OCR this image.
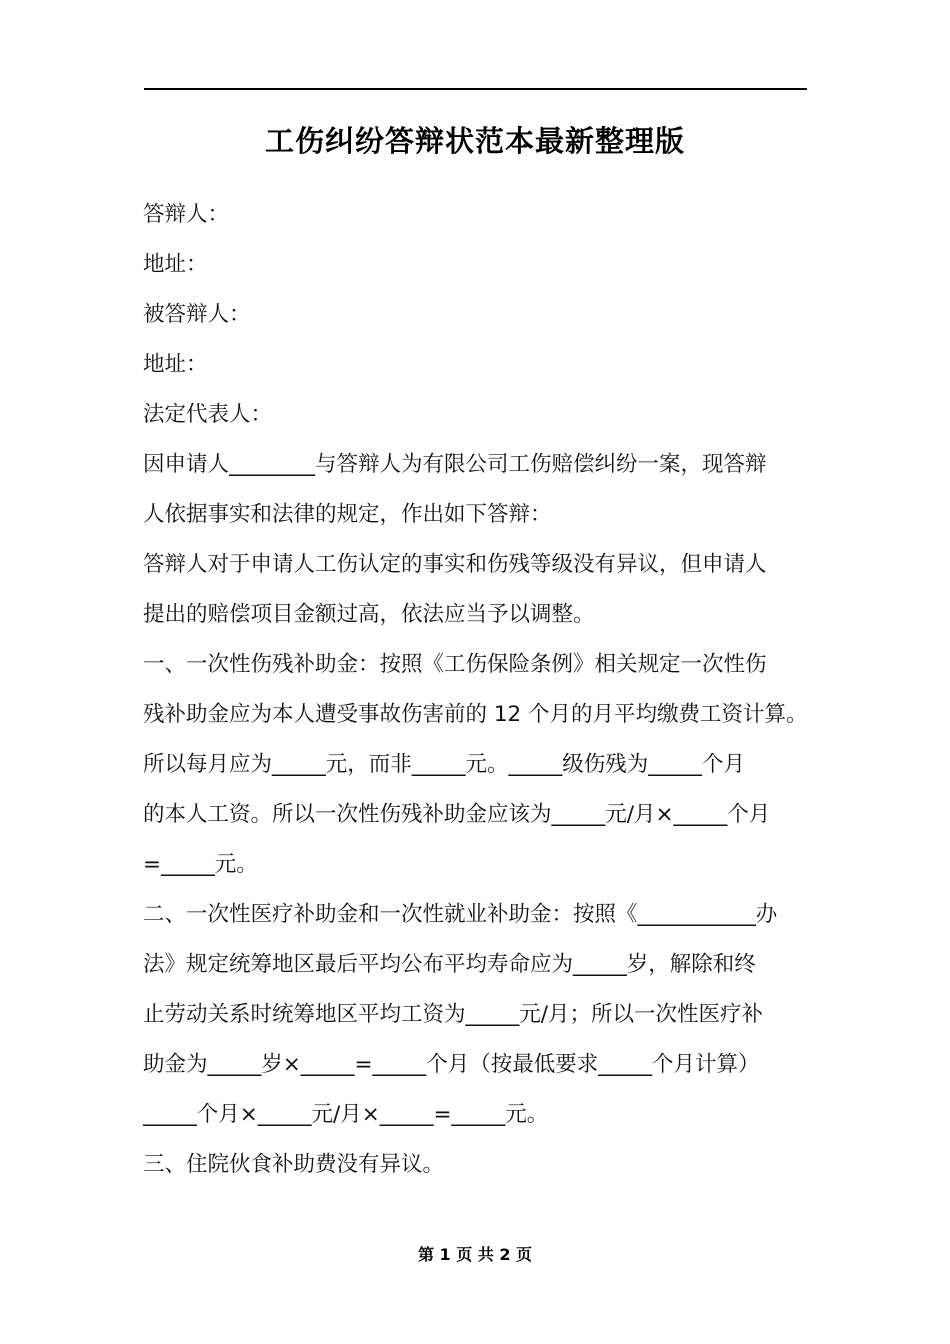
工伤纠纷答辩状范本最新整理版
答辩人：
地址：
被答辩人：
地址：
法定代表人：
因申请人________与答辩人为有限公司工伤赔偿纠纷一案，现答辩
人依据事实和法律的规定，作出如下答辩：
答辩人对于申请人工伤认定的事实和伤残等级没有异议，但申请人
提出的赔偿项目金额过高，依法应当予以调整。
一、一次性伤残补助金：按照《工伤保险条例》相关规定一次性伤
残补助金应为本人遭受事故伤害前的 12 个月的月平均缴费工资计算。
所以每月应为_____元，而非_____元。_____级伤残为_____个月
的本人工资。所以一次性伤残补助金应该为_____元/月×_____个月
=_____元。
二、一次性医疗补助金和一次性就业补助金：按照《___________办
法》规定统筹地区最后平均公布平均寿命应为_____岁，解除和终
止劳动关系时统筹地区平均工资为_____元/月；所以一次性医疗补
助金为_____岁×_____=_____个月（按最低要求_____个月计算）
_____个月×_____元/月×_____=_____元。
三、住院伙食补助费没有异议。
第 1 页 共 2 页
